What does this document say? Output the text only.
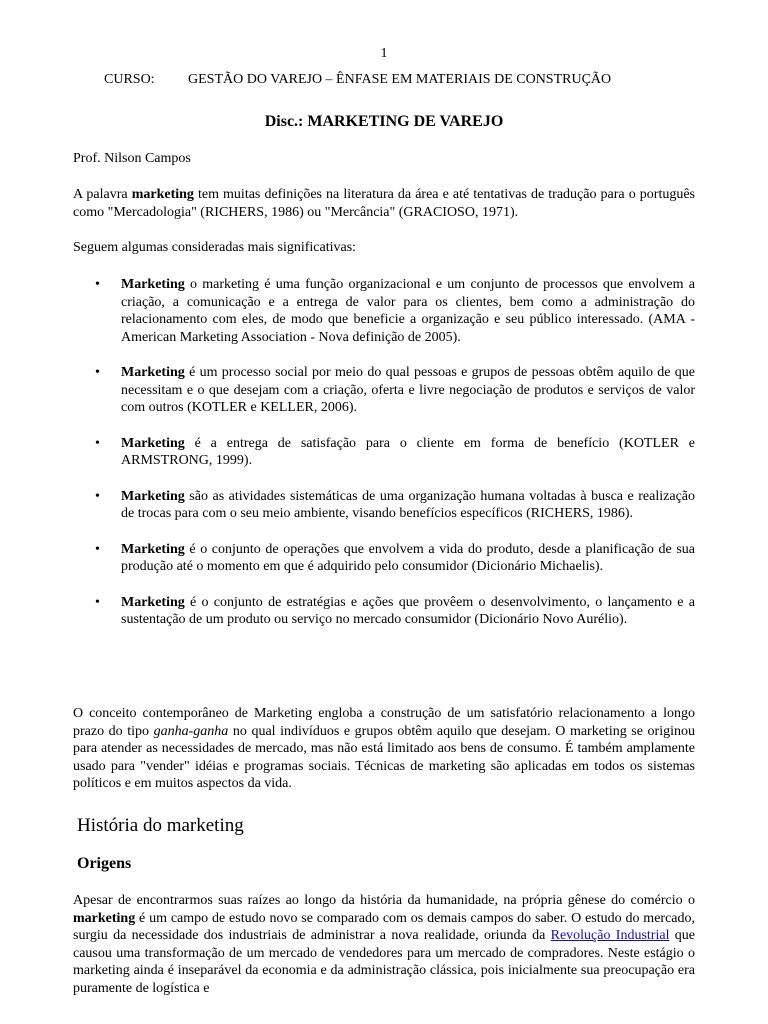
1
CURSO: GESTÃO DO VAREJO – ÊNFASE EM MATERIAIS DE CONSTRUÇÃO
Disc.: MARKETING DE VAREJO
Prof. Nilson Campos
A palavra marketing tem muitas definições na literatura da área e até tentativas de tradução para o português como "Mercadologia" (RICHERS, 1986) ou "Mercância" (GRACIOSO, 1971).
Seguem algumas consideradas mais significativas:
• Marketing o marketing é uma função organizacional e um conjunto de processos que envolvem a criação, a comunicação e a entrega de valor para os clientes, bem como a administração do relacionamento com eles, de modo que beneficie a organização e seu público interessado. (AMA - American Marketing Association - Nova definição de 2005).
• Marketing é um processo social por meio do qual pessoas e grupos de pessoas obtêm aquilo de que necessitam e o que desejam com a criação, oferta e livre negociação de produtos e serviços de valor com outros (KOTLER e KELLER, 2006).
• Marketing é a entrega de satisfação para o cliente em forma de benefício (KOTLER e ARMSTRONG, 1999).
• Marketing são as atividades sistemáticas de uma organização humana voltadas à busca e realização de trocas para com o seu meio ambiente, visando benefícios específicos (RICHERS, 1986).
• Marketing é o conjunto de operações que envolvem a vida do produto, desde a planificação de sua produção até o momento em que é adquirido pelo consumidor (Dicionário Michaelis).
• Marketing é o conjunto de estratégias e ações que provêem o desenvolvimento, o lançamento e a sustentação de um produto ou serviço no mercado consumidor (Dicionário Novo Aurélio).
O conceito contemporâneo de Marketing engloba a construção de um satisfatório relacionamento a longo prazo do tipo ganha-ganha no qual indivíduos e grupos obtêm aquilo que desejam. O marketing se originou para atender as necessidades de mercado, mas não está limitado aos bens de consumo. É também amplamente usado para "vender" idéias e programas sociais. Técnicas de marketing são aplicadas em todos os sistemas políticos e em muitos aspectos da vida.
História do marketing
Origens
Apesar de encontrarmos suas raízes ao longo da história da humanidade, na própria gênese do comércio o marketing é um campo de estudo novo se comparado com os demais campos do saber. O estudo do mercado, surgiu da necessidade dos industriais de administrar a nova realidade, oriunda da Revolução Industrial que causou uma transformação de um mercado de vendedores para um mercado de compradores. Neste estágio o marketing ainda é inseparável da economia e da administração clássica, pois inicialmente sua preocupação era puramente de logística e
